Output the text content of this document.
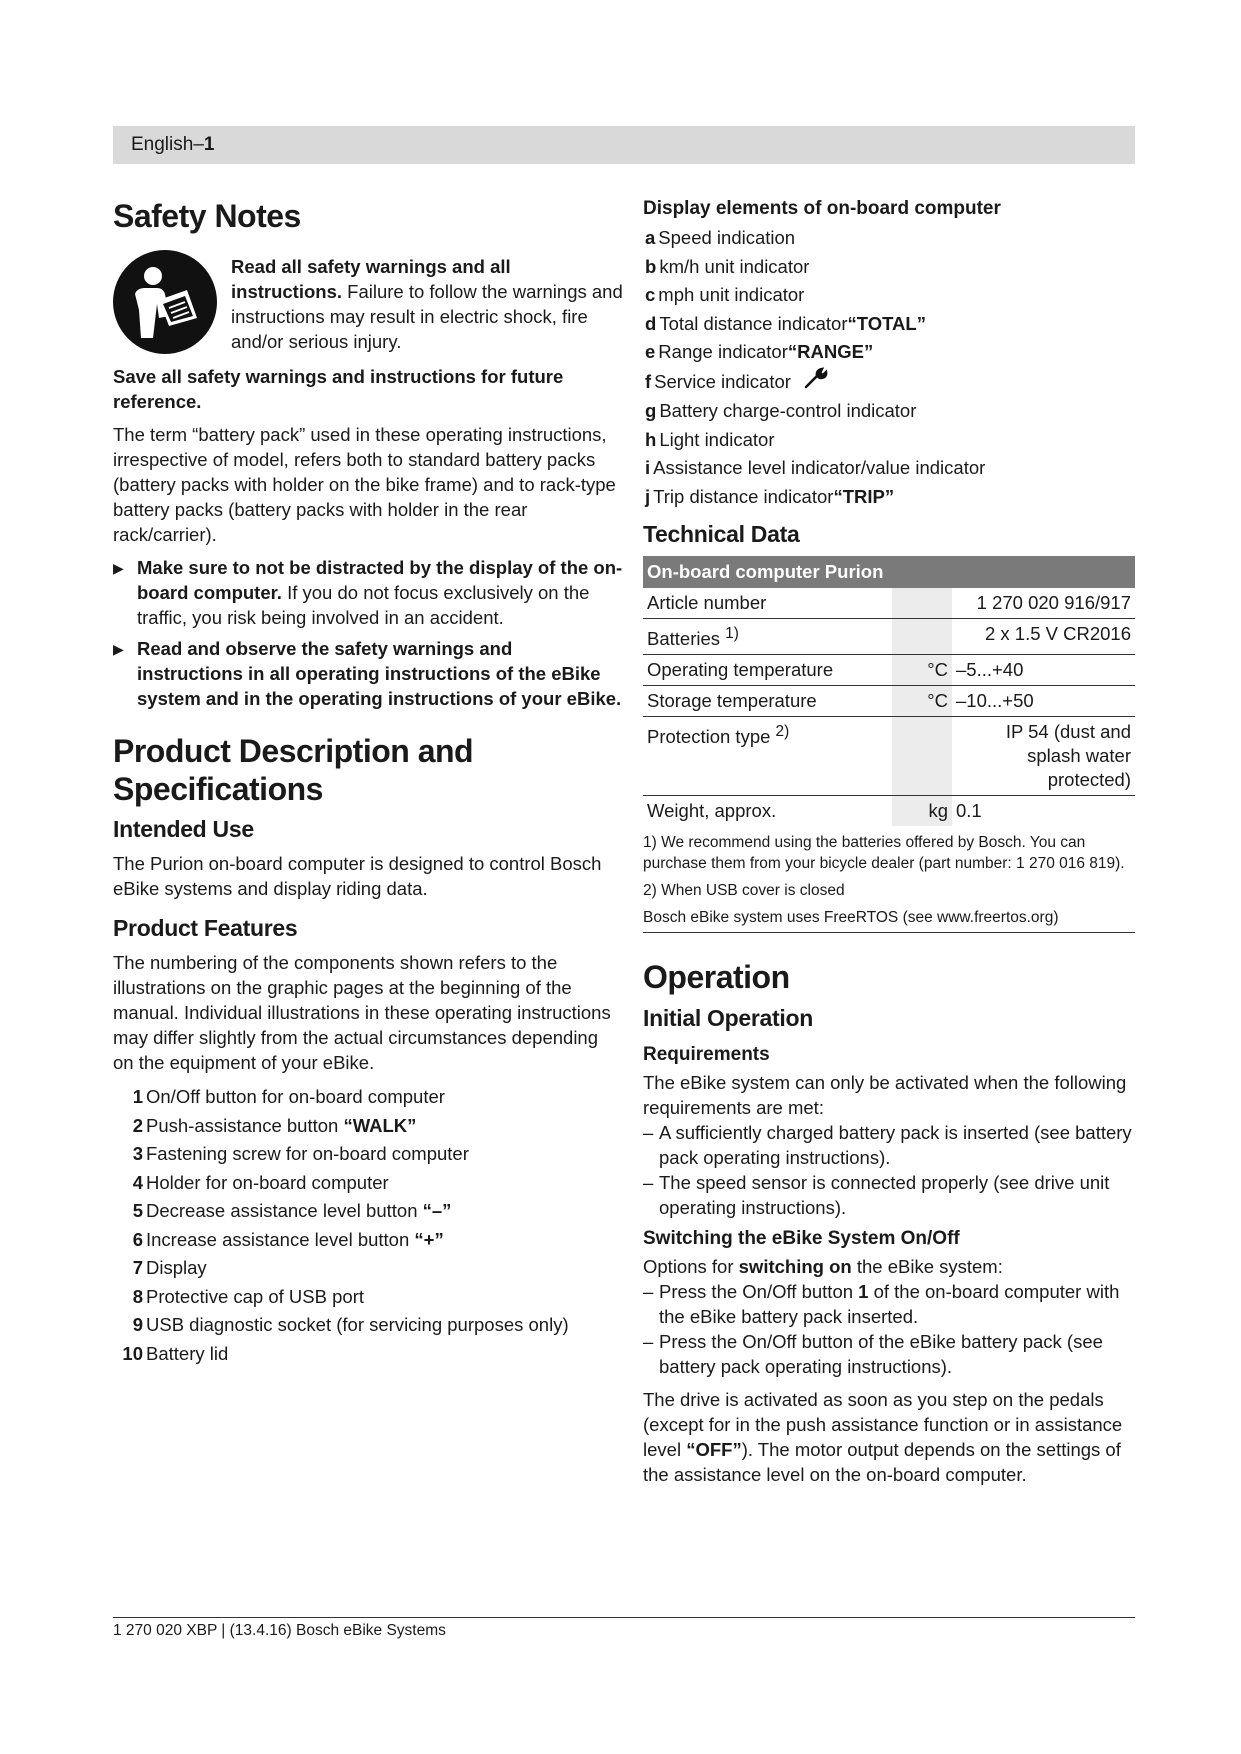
English–1
Safety Notes
Read all safety warnings and all instructions. Failure to follow the warnings and instructions may result in electric shock, fire and/or serious injury.

Save all safety warnings and instructions for future reference.

The term “battery pack” used in these operating instructions, irrespective of model, refers both to standard battery packs (battery packs with holder on the bike frame) and to rack-type battery packs (battery packs with holder in the rear rack/carrier).

▶ Make sure to not be distracted by the display of the on-board computer. If you do not focus exclusively on the traffic, you risk being involved in an accident.
▶ Read and observe the safety warnings and instructions in all operating instructions of the eBike system and in the operating instructions of your eBike.
Product Description and Specifications
Intended Use

The Purion on-board computer is designed to control Bosch eBike systems and display riding data.

Product Features

The numbering of the components shown refers to the illustrations on the graphic pages at the beginning of the manual. Individual illustrations in these operating instructions may differ slightly from the actual circumstances depending on the equipment of your eBike.

1 On/Off button for on-board computer
2 Push-assistance button “WALK”
3 Fastening screw for on-board computer
4 Holder for on-board computer
5 Decrease assistance level button “–”
6 Increase assistance level button “+”
7 Display
8 Protective cap of USB port
9 USB diagnostic socket (for servicing purposes only)
10 Battery lid
Display elements of on-board computer
a Speed indication
b km/h unit indicator
c mph unit indicator
d Total distance indicator “TOTAL”
e Range indicator “RANGE”
f Service indicator
g Battery charge-control indicator
h Light indicator
i Assistance level indicator/value indicator
j Trip distance indicator “TRIP”
Technical Data
On-board computer Purion		
Article number		1 270 020 916/917
Batteries $^{1)}$		2 x 1.5 V CR2016
Operating temperature	°C	–5...+40
Storage temperature	°C	–10...+50
Protection type $^{2)}$		IP 54 (dust and splash water protected)
Weight, approx.	kg	0.1

1) We recommend using the batteries offered by Bosch. You can purchase them from your bicycle dealer (part number: 1 270 016 819).

2) When USB cover is closed

Bosch eBike system uses FreeRTOS (see www.freertos.org)

Operation
Initial Operation
Requirements

The eBike system can only be activated when the following requirements are met:

– A sufficiently charged battery pack is inserted (see battery pack operating instructions).
– The speed sensor is connected properly (see drive unit operating instructions).
Switching the eBike System On/Off

Options for switching on the eBike system:

– Press the On/Off button 1 of the on-board computer with the eBike battery pack inserted.
– Press the On/Off button of the eBike battery pack (see battery pack operating instructions).

The drive is activated as soon as you step on the pedals (except for in the push assistance function or in assistance level “OFF”). The motor output depends on the settings of the assistance level on the on-board computer.

1 270 020 XBP | (13.4.16) Bosch eBike Systems
